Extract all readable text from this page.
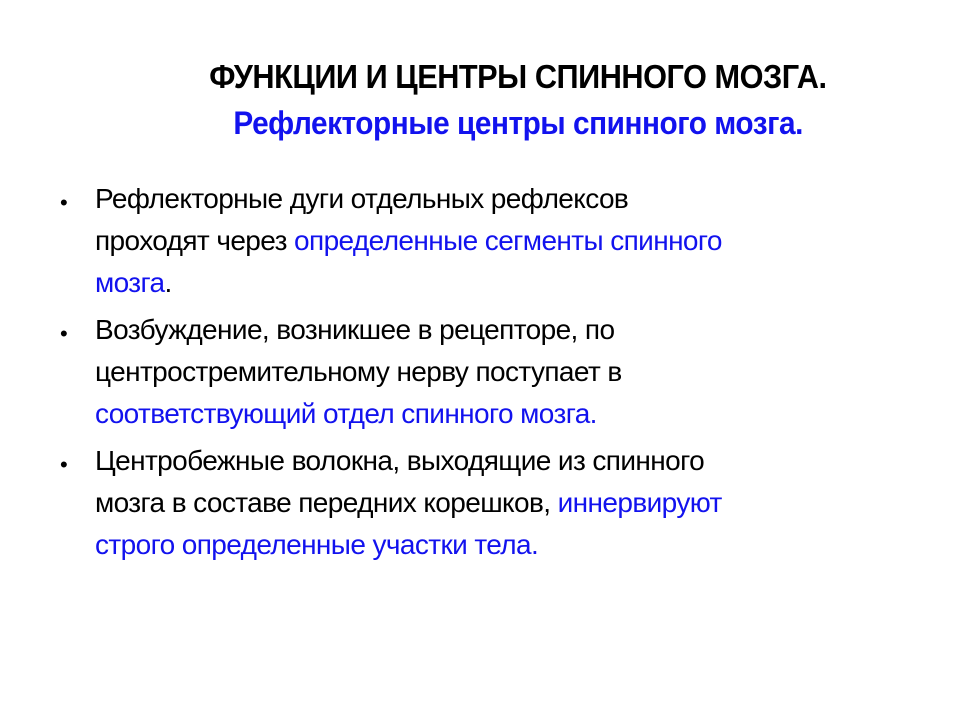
ФУНКЦИИ И ЦЕНТРЫ СПИННОГО МОЗГА.
Рефлекторные центры спинного мозга.
• Рефлекторные дуги отдельных рефлексов
проходят через определенные сегменты спинного
мозга.
• Возбуждение, возникшее в рецепторе, по
центростремительному нерву поступает в
соответствующий отдел спинного мозга.
• Центробежные волокна, выходящие из спинного
мозга в составе передних корешков, иннервируют
строго определенные участки тела.
